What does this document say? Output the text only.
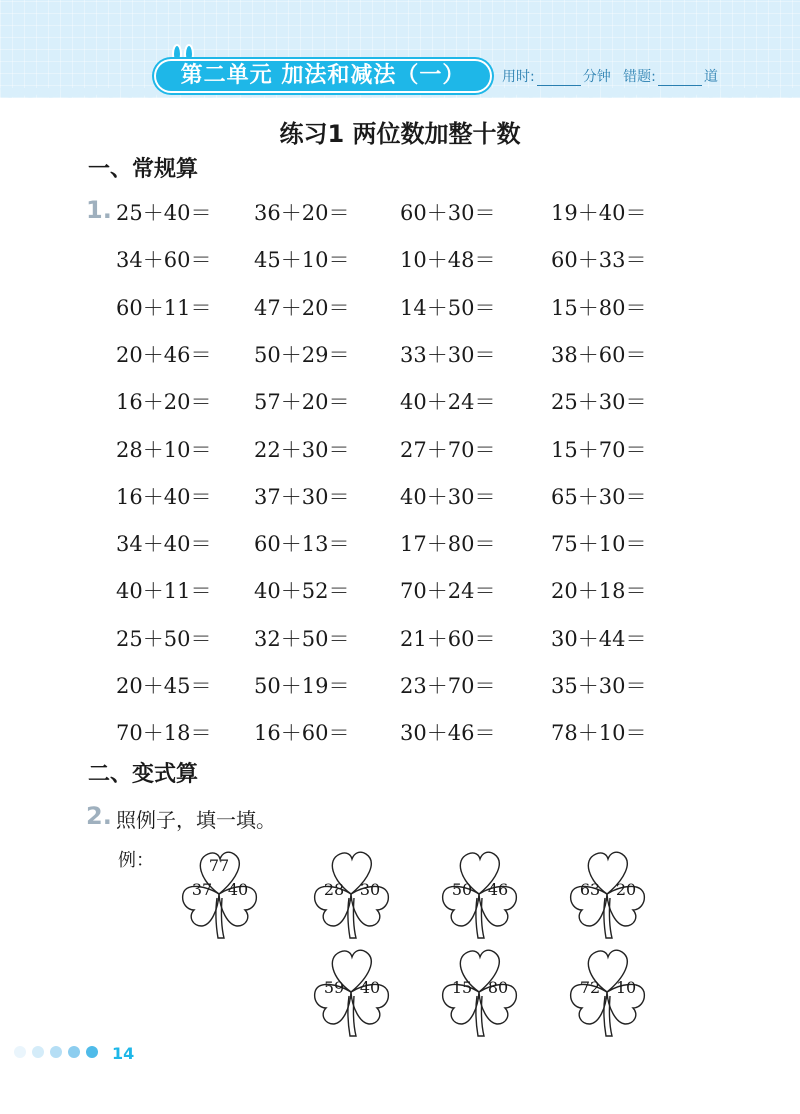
第二单元 加法和减法（一）	用时:	分钟 错题:	道
练习1 两位数加整十数
一、常规算
1. 25＋40＝ 36＋20＝ 60＋30＝	19＋40＝
34＋60＝ 45＋10＝ 10＋48＝	60＋33＝
60＋11＝ 47＋20＝ 14＋50＝	15＋80＝
20＋46＝ 50＋29＝ 33＋30＝	38＋60＝
16＋20＝ 57＋20＝ 40＋24＝	25＋30＝
28＋10＝ 22＋30＝ 27＋70＝	15＋70＝
16＋40＝ 37＋30＝ 40＋30＝	65＋30＝
34＋40＝ 60＋13＝ 17＋80＝	75＋10＝
40＋11＝ 40＋52＝ 70＋24＝	20＋18＝
25＋50＝ 32＋50＝ 21＋60＝	30＋44＝
20＋45＝ 50＋19＝ 23＋70＝	35＋30＝
70＋18＝ 16＋60＝ 30＋46＝	78＋10＝
二、变式算
2. 照例子，填一填。
例：	77
37 40	28 30	50 46	63 20
59 40	15 80	72 10
14
